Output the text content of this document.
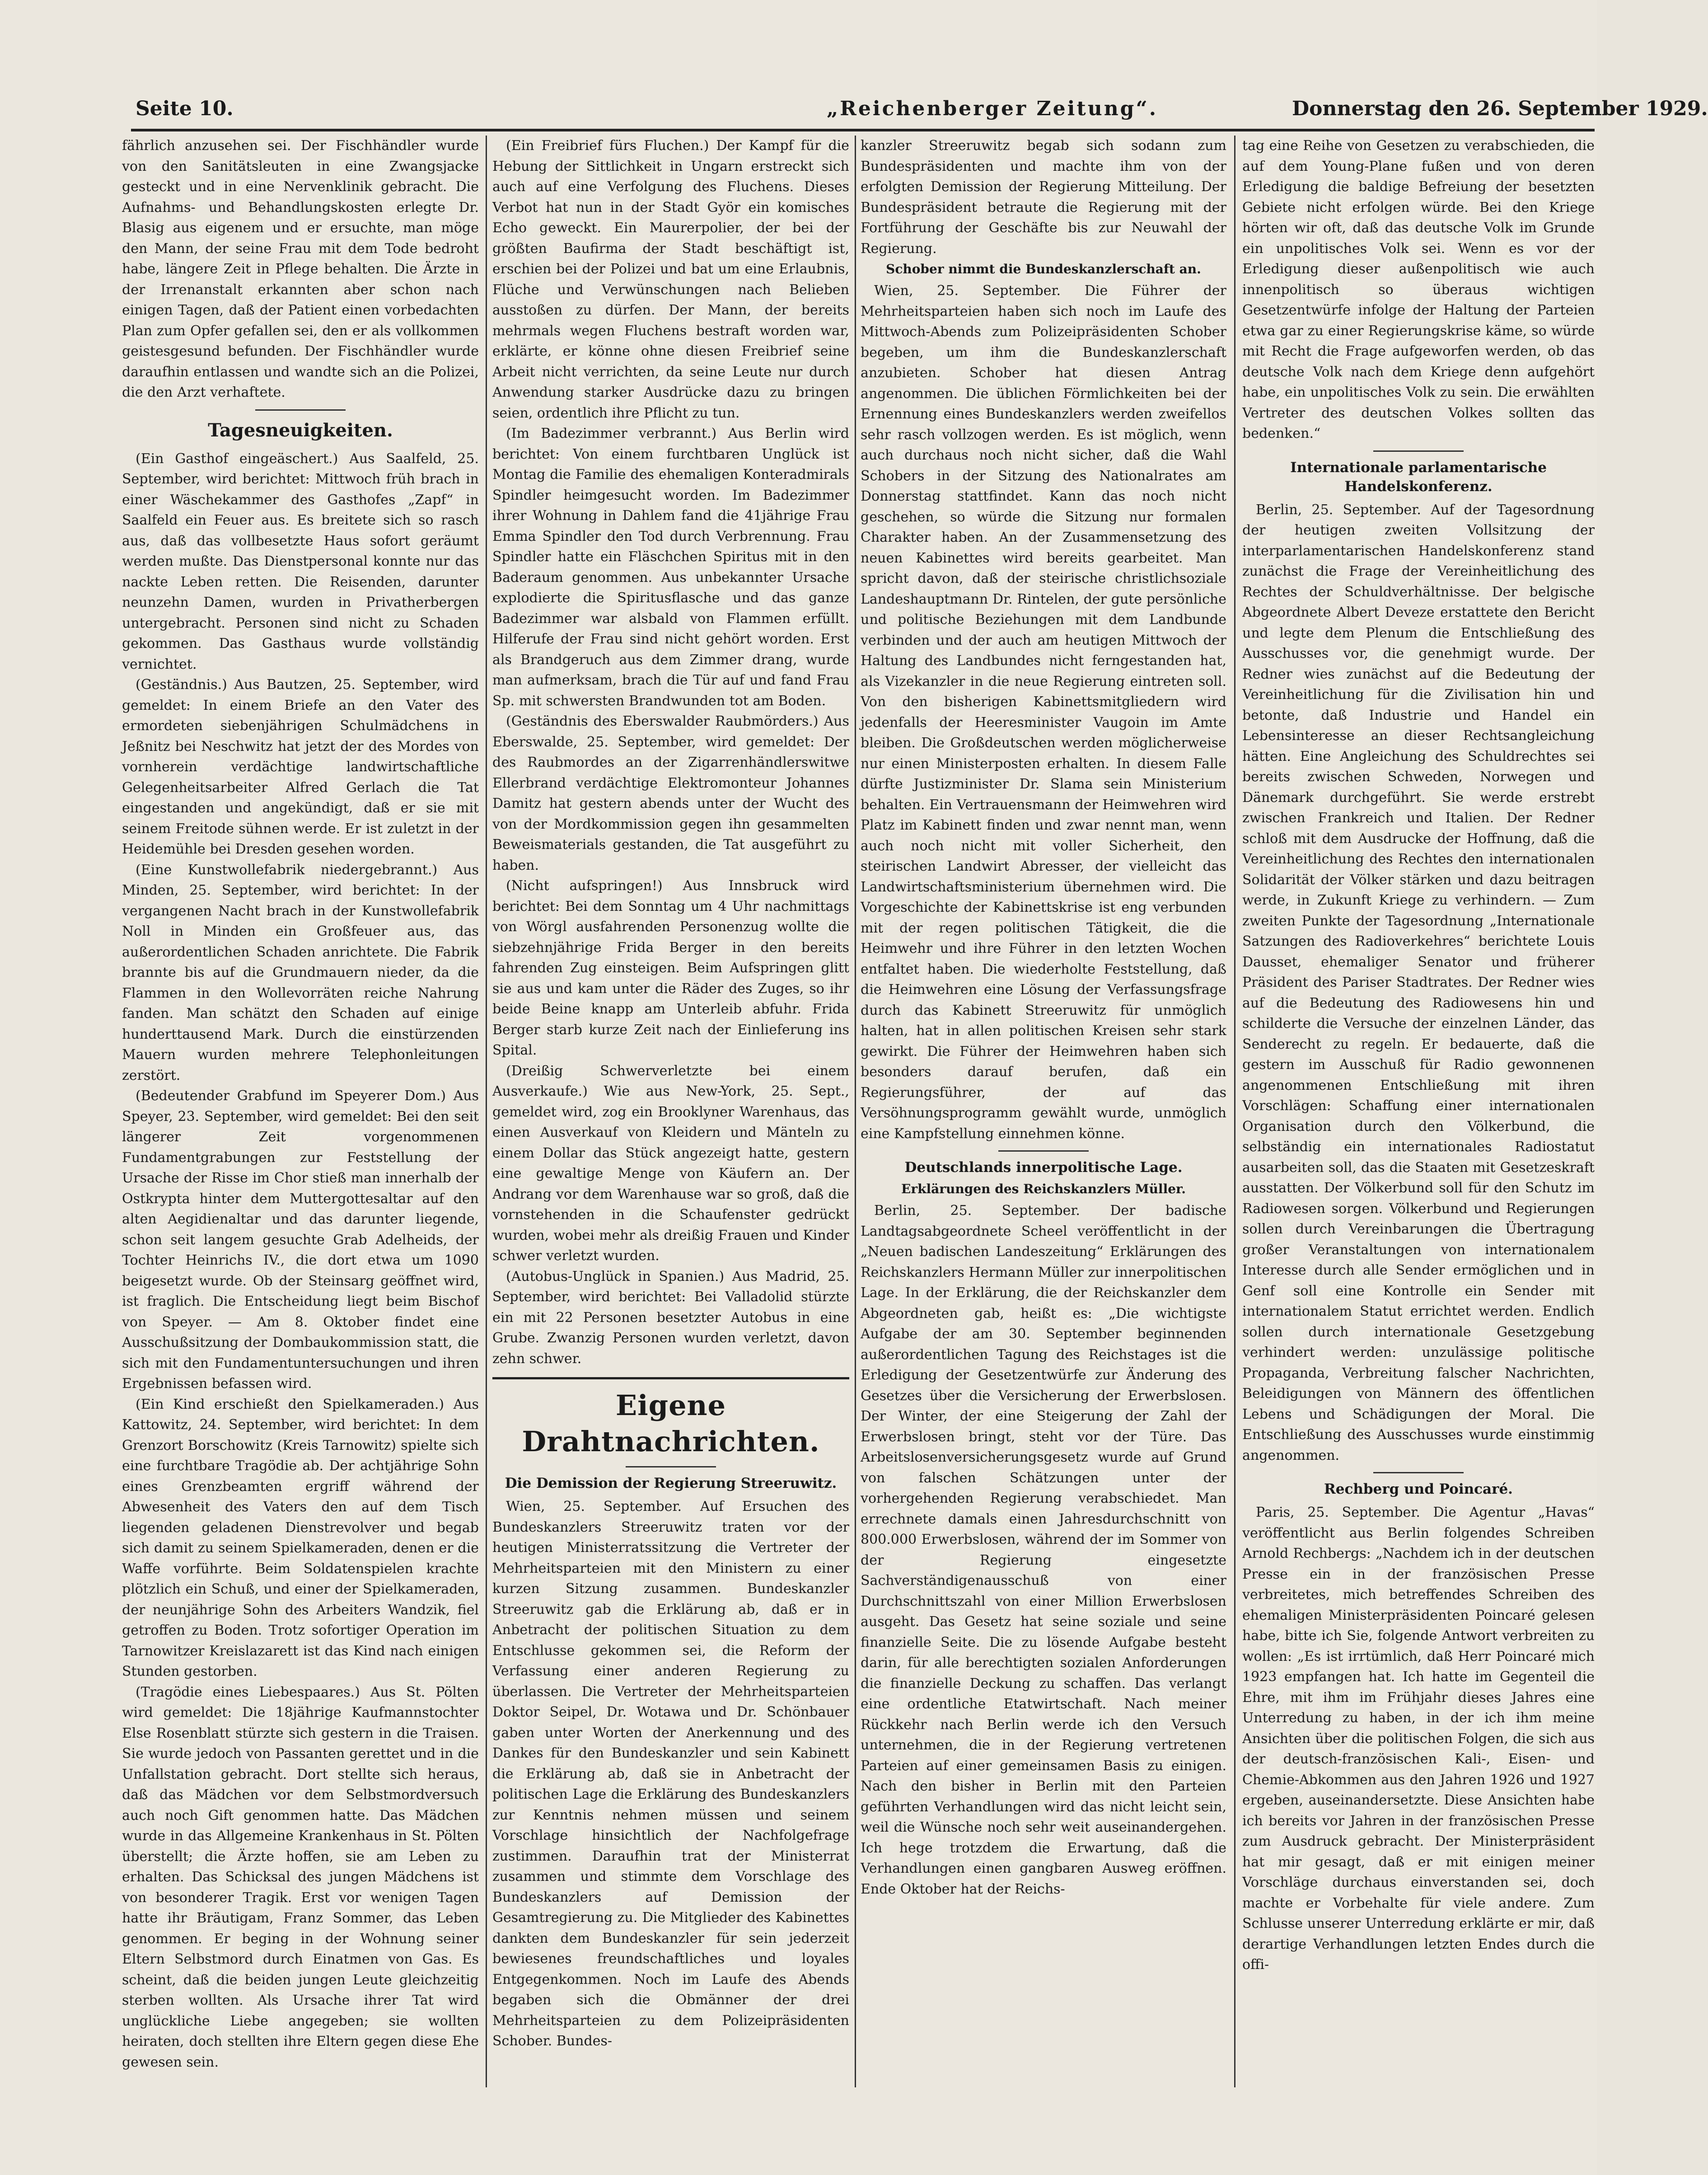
Seite 10.	„Reichenberger Zeitung“.	Donnerstag den 26. September 1929.

fährlich anzusehen sei. Der Fischhändler wurde von den Sanitätsleuten in eine Zwangsjacke gesteckt und in eine Nervenklinik gebracht. Die Aufnahms- und Behandlungskosten erlegte Dr. Blasig aus eigenem und er ersuchte, man möge den Mann, der seine Frau mit dem Tode bedroht habe, längere Zeit in Pflege behalten. Die Ärzte in der Irrenanstalt erkannten aber schon nach einigen Tagen, daß der Patient einen vorbedachten Plan zum Opfer gefallen sei, den er als vollkommen geistesgesund befunden. Der Fischhändler wurde daraufhin entlassen und wandte sich an die Polizei, die den Arzt verhaftete.

Tagesneuigkeiten.

(Ein Gasthof eingeäschert.) Aus Saalfeld, 25. September, wird berichtet: Mittwoch früh brach in einer Wäschekammer des Gasthofes „Zapf“ in Saalfeld ein Feuer aus. Es breitete sich so rasch aus, daß das vollbesetzte Haus sofort geräumt werden mußte. Das Dienstpersonal konnte nur das nackte Leben retten. Die Reisenden, darunter neunzehn Damen, wurden in Privatherbergen untergebracht. Personen sind nicht zu Schaden gekommen. Das Gasthaus wurde vollständig vernichtet.

(Geständnis.) Aus Bautzen, 25. September, wird gemeldet: In einem Briefe an den Vater des ermordeten siebenjährigen Schulmädchens in Jeßnitz bei Neschwitz hat jetzt der des Mordes von vornherein verdächtige landwirtschaftliche Gelegenheitsarbeiter Alfred Gerlach die Tat eingestanden und angekündigt, daß er sie mit seinem Freitode sühnen werde. Er ist zuletzt in der Heidemühle bei Dresden gesehen worden.

(Eine Kunstwollefabrik niedergebrannt.) Aus Minden, 25. September, wird berichtet: In der vergangenen Nacht brach in der Kunstwollefabrik Noll in Minden ein Großfeuer aus, das außerordentlichen Schaden anrichtete. Die Fabrik brannte bis auf die Grundmauern nieder, da die Flammen in den Wollevorräten reiche Nahrung fanden. Man schätzt den Schaden auf einige hunderttausend Mark. Durch die einstürzenden Mauern wurden mehrere Telephonleitungen zerstört.

(Bedeutender Grabfund im Speyerer Dom.) Aus Speyer, 23. September, wird gemeldet: Bei den seit längerer Zeit vorgenommenen Fundamentgrabungen zur Feststellung der Ursache der Risse im Chor stieß man innerhalb der Ostkrypta hinter dem Muttergottesaltar auf den alten Aegidienaltar und das darunter liegende, schon seit langem gesuchte Grab Adelheids, der Tochter Heinrichs IV., die dort etwa um 1090 beigesetzt wurde. Ob der Steinsarg geöffnet wird, ist fraglich. Die Entscheidung liegt beim Bischof von Speyer. — Am 8. Oktober findet eine Ausschußsitzung der Dombaukommission statt, die sich mit den Fundamentuntersuchungen und ihren Ergebnissen befassen wird.

(Ein Kind erschießt den Spielkameraden.) Aus Kattowitz, 24. September, wird berichtet: In dem Grenzort Borschowitz (Kreis Tarnowitz) spielte sich eine furchtbare Tragödie ab. Der achtjährige Sohn eines Grenzbeamten ergriff während der Abwesenheit des Vaters den auf dem Tisch liegenden geladenen Dienstrevolver und begab sich damit zu seinem Spielkameraden, denen er die Waffe vorführte. Beim Soldatenspielen krachte plötzlich ein Schuß, und einer der Spielkameraden, der neunjährige Sohn des Arbeiters Wandzik, fiel getroffen zu Boden. Trotz sofortiger Operation im Tarnowitzer Kreislazarett ist das Kind nach einigen Stunden gestorben.

(Tragödie eines Liebespaares.) Aus St. Pölten wird gemeldet: Die 18jährige Kaufmannstochter Else Rosenblatt stürzte sich gestern in die Traisen. Sie wurde jedoch von Passanten gerettet und in die Unfallstation gebracht. Dort stellte sich heraus, daß das Mädchen vor dem Selbstmordversuch auch noch Gift genommen hatte. Das Mädchen wurde in das Allgemeine Krankenhaus in St. Pölten überstellt; die Ärzte hoffen, sie am Leben zu erhalten. Das Schicksal des jungen Mädchens ist von besonderer Tragik. Erst vor wenigen Tagen hatte ihr Bräutigam, Franz Sommer, das Leben genommen. Er beging in der Wohnung seiner Eltern Selbstmord durch Einatmen von Gas. Es scheint, daß die beiden jungen Leute gleichzeitig sterben wollten. Als Ursache ihrer Tat wird unglückliche Liebe angegeben; sie wollten heiraten, doch stellten ihre Eltern gegen diese Ehe gewesen sein.

(Ein Freibrief fürs Fluchen.) Der Kampf für die Hebung der Sittlichkeit in Ungarn erstreckt sich auch auf eine Verfolgung des Fluchens. Dieses Verbot hat nun in der Stadt Györ ein komisches Echo geweckt. Ein Maurerpolier, der bei der größten Baufirma der Stadt beschäftigt ist, erschien bei der Polizei und bat um eine Erlaubnis, Flüche und Verwünschungen nach Belieben ausstoßen zu dürfen. Der Mann, der bereits mehrmals wegen Fluchens bestraft worden war, erklärte, er könne ohne diesen Freibrief seine Arbeit nicht verrichten, da seine Leute nur durch Anwendung starker Ausdrücke dazu zu bringen seien, ordentlich ihre Pflicht zu tun.

(Im Badezimmer verbrannt.) Aus Berlin wird berichtet: Von einem furchtbaren Unglück ist Montag die Familie des ehemaligen Konteradmirals Spindler heimgesucht worden. Im Badezimmer ihrer Wohnung in Dahlem fand die 41jährige Frau Emma Spindler den Tod durch Verbrennung. Frau Spindler hatte ein Fläschchen Spiritus mit in den Baderaum genommen. Aus unbekannter Ursache explodierte die Spiritusflasche und das ganze Badezimmer war alsbald von Flammen erfüllt. Hilferufe der Frau sind nicht gehört worden. Erst als Brandgeruch aus dem Zimmer drang, wurde man aufmerksam, brach die Tür auf und fand Frau Sp. mit schwersten Brandwunden tot am Boden.

(Geständnis des Eberswalder Raubmörders.) Aus Eberswalde, 25. September, wird gemeldet: Der des Raubmordes an der Zigarrenhändlerswitwe Ellerbrand verdächtige Elektromonteur Johannes Damitz hat gestern abends unter der Wucht des von der Mordkommission gegen ihn gesammelten Beweismaterials gestanden, die Tat ausgeführt zu haben.

(Nicht aufspringen!) Aus Innsbruck wird berichtet: Bei dem Sonntag um 4 Uhr nachmittags von Wörgl ausfahrenden Personenzug wollte die siebzehnjährige Frida Berger in den bereits fahrenden Zug einsteigen. Beim Aufspringen glitt sie aus und kam unter die Räder des Zuges, so ihr beide Beine knapp am Unterleib abfuhr. Frida Berger starb kurze Zeit nach der Einlieferung ins Spital.

(Dreißig Schwerverletzte bei einem Ausverkaufe.) Wie aus New-York, 25. Sept., gemeldet wird, zog ein Brooklyner Warenhaus, das einen Ausverkauf von Kleidern und Mänteln zu einem Dollar das Stück angezeigt hatte, gestern eine gewaltige Menge von Käufern an. Der Andrang vor dem Warenhause war so groß, daß die vornstehenden in die Schaufenster gedrückt wurden, wobei mehr als dreißig Frauen und Kinder schwer verletzt wurden.

(Autobus-Unglück in Spanien.) Aus Madrid, 25. September, wird berichtet: Bei Valladolid stürzte ein mit 22 Personen besetzter Autobus in eine Grube. Zwanzig Personen wurden verletzt, davon zehn schwer.

Eigene Drahtnachrichten.
Die Demission der Regierung Streeruwitz.

Wien, 25. September. Auf Ersuchen des Bundeskanzlers Streeruwitz traten vor der heutigen Ministerratssitzung die Vertreter der Mehrheitsparteien mit den Ministern zu einer kurzen Sitzung zusammen. Bundeskanzler Streeruwitz gab die Erklärung ab, daß er in Anbetracht der politischen Situation zu dem Entschlusse gekommen sei, die Reform der Verfassung einer anderen Regierung zu überlassen. Die Vertreter der Mehrheitsparteien Doktor Seipel, Dr. Wotawa und Dr. Schönbauer gaben unter Worten der Anerkennung und des Dankes für den Bundeskanzler und sein Kabinett die Erklärung ab, daß sie in Anbetracht der politischen Lage die Erklärung des Bundeskanzlers zur Kenntnis nehmen müssen und seinem Vorschlage hinsichtlich der Nachfolgefrage zustimmen. Daraufhin trat der Ministerrat zusammen und stimmte dem Vorschlage des Bundeskanzlers auf Demission der Gesamtregierung zu. Die Mitglieder des Kabinettes dankten dem Bundeskanzler für sein jederzeit bewiesenes freundschaftliches und loyales Entgegenkommen. Noch im Laufe des Abends begaben sich die Obmänner der drei Mehrheitsparteien zu dem Polizeipräsidenten Schober. Bundes-

kanzler Streeruwitz begab sich sodann zum Bundespräsidenten und machte ihm von der erfolgten Demission der Regierung Mitteilung. Der Bundespräsident betraute die Regierung mit der Fortführung der Geschäfte bis zur Neuwahl der Regierung.

Schober nimmt die Bundeskanzlerschaft an.

Wien, 25. September. Die Führer der Mehrheitsparteien haben sich noch im Laufe des Mittwoch-Abends zum Polizeipräsidenten Schober begeben, um ihm die Bundeskanzlerschaft anzubieten. Schober hat diesen Antrag angenommen. Die üblichen Förmlichkeiten bei der Ernennung eines Bundeskanzlers werden zweifellos sehr rasch vollzogen werden. Es ist möglich, wenn auch durchaus noch nicht sicher, daß die Wahl Schobers in der Sitzung des Nationalrates am Donnerstag stattfindet. Kann das noch nicht geschehen, so würde die Sitzung nur formalen Charakter haben. An der Zusammensetzung des neuen Kabinettes wird bereits gearbeitet. Man spricht davon, daß der steirische christlichsoziale Landeshauptmann Dr. Rintelen, der gute persönliche und politische Beziehungen mit dem Landbunde verbinden und der auch am heutigen Mittwoch der Haltung des Landbundes nicht ferngestanden hat, als Vizekanzler in die neue Regierung eintreten soll. Von den bisherigen Kabinettsmitgliedern wird jedenfalls der Heeresminister Vaugoin im Amte bleiben. Die Großdeutschen werden möglicherweise nur einen Ministerposten erhalten. In diesem Falle dürfte Justizminister Dr. Slama sein Ministerium behalten. Ein Vertrauensmann der Heimwehren wird Platz im Kabinett finden und zwar nennt man, wenn auch noch nicht mit voller Sicherheit, den steirischen Landwirt Abresser, der vielleicht das Landwirtschaftsministerium übernehmen wird. Die Vorgeschichte der Kabinettskrise ist eng verbunden mit der regen politischen Tätigkeit, die die Heimwehr und ihre Führer in den letzten Wochen entfaltet haben. Die wiederholte Feststellung, daß die Heimwehren eine Lösung der Verfassungsfrage durch das Kabinett Streeruwitz für unmöglich halten, hat in allen politischen Kreisen sehr stark gewirkt. Die Führer der Heimwehren haben sich besonders darauf berufen, daß ein Regierungsführer, der auf das Versöhnungsprogramm gewählt wurde, unmöglich eine Kampfstellung einnehmen könne.

Deutschlands innerpolitische Lage.
Erklärungen des Reichskanzlers Müller.

Berlin, 25. September. Der badische Landtagsabgeordnete Scheel veröffentlicht in der „Neuen badischen Landeszeitung“ Erklärungen des Reichskanzlers Hermann Müller zur innerpolitischen Lage. In der Erklärung, die der Reichskanzler dem Abgeordneten gab, heißt es: „Die wichtigste Aufgabe der am 30. September beginnenden außerordentlichen Tagung des Reichstages ist die Erledigung der Gesetzentwürfe zur Änderung des Gesetzes über die Versicherung der Erwerbslosen. Der Winter, der eine Steigerung der Zahl der Erwerbslosen bringt, steht vor der Türe. Das Arbeitslosenversicherungsgesetz wurde auf Grund von falschen Schätzungen unter der vorhergehenden Regierung verabschiedet. Man errechnete damals einen Jahresdurchschnitt von 800.000 Erwerbslosen, während der im Sommer von der Regierung eingesetzte Sachverständigenausschuß von einer Durchschnittszahl von einer Million Erwerbslosen ausgeht. Das Gesetz hat seine soziale und seine finanzielle Seite. Die zu lösende Aufgabe besteht darin, für alle berechtigten sozialen Anforderungen die finanzielle Deckung zu schaffen. Das verlangt eine ordentliche Etatwirtschaft. Nach meiner Rückkehr nach Berlin werde ich den Versuch unternehmen, die in der Regierung vertretenen Parteien auf einer gemeinsamen Basis zu einigen. Nach den bisher in Berlin mit den Parteien geführten Verhandlungen wird das nicht leicht sein, weil die Wünsche noch sehr weit auseinandergehen. Ich hege trotzdem die Erwartung, daß die Verhandlungen einen gangbaren Ausweg eröffnen. Ende Oktober hat der Reichs-

tag eine Reihe von Gesetzen zu verabschieden, die auf dem Young-Plane fußen und von deren Erledigung die baldige Befreiung der besetzten Gebiete nicht erfolgen würde. Bei den Kriege hörten wir oft, daß das deutsche Volk im Grunde ein unpolitisches Volk sei. Wenn es vor der Erledigung dieser außenpolitisch wie auch innenpolitisch so überaus wichtigen Gesetzentwürfe infolge der Haltung der Parteien etwa gar zu einer Regierungskrise käme, so würde mit Recht die Frage aufgeworfen werden, ob das deutsche Volk nach dem Kriege denn aufgehört habe, ein unpolitisches Volk zu sein. Die erwählten Vertreter des deutschen Volkes sollten das bedenken.“

Internationale parlamentarische Handelskonferenz.

Berlin, 25. September. Auf der Tagesordnung der heutigen zweiten Vollsitzung der interparlamentarischen Handelskonferenz stand zunächst die Frage der Vereinheitlichung des Rechtes der Schuldverhältnisse. Der belgische Abgeordnete Albert Deveze erstattete den Bericht und legte dem Plenum die Entschließung des Ausschusses vor, die genehmigt wurde. Der Redner wies zunächst auf die Bedeutung der Vereinheitlichung für die Zivilisation hin und betonte, daß Industrie und Handel ein Lebensinteresse an dieser Rechtsangleichung hätten. Eine Angleichung des Schuldrechtes sei bereits zwischen Schweden, Norwegen und Dänemark durchgeführt. Sie werde erstrebt zwischen Frankreich und Italien. Der Redner schloß mit dem Ausdrucke der Hoffnung, daß die Vereinheitlichung des Rechtes den internationalen Solidarität der Völker stärken und dazu beitragen werde, in Zukunft Kriege zu verhindern. — Zum zweiten Punkte der Tagesordnung „Internationale Satzungen des Radioverkehres“ berichtete Louis Dausset, ehemaliger Senator und früherer Präsident des Pariser Stadtrates. Der Redner wies auf die Bedeutung des Radiowesens hin und schilderte die Versuche der einzelnen Länder, das Senderecht zu regeln. Er bedauerte, daß die gestern im Ausschuß für Radio gewonnenen angenommenen Entschließung mit ihren Vorschlägen: Schaffung einer internationalen Organisation durch den Völkerbund, die selbständig ein internationales Radiostatut ausarbeiten soll, das die Staaten mit Gesetzeskraft ausstatten. Der Völkerbund soll für den Schutz im Radiowesen sorgen. Völkerbund und Regierungen sollen durch Vereinbarungen die Übertragung großer Veranstaltungen von internationalem Interesse durch alle Sender ermöglichen und in Genf soll eine Kontrolle ein Sender mit internationalem Statut errichtet werden. Endlich sollen durch internationale Gesetzgebung verhindert werden: unzulässige politische Propaganda, Verbreitung falscher Nachrichten, Beleidigungen von Männern des öffentlichen Lebens und Schädigungen der Moral. Die Entschließung des Ausschusses wurde einstimmig angenommen.

Rechberg und Poincaré.

Paris, 25. September. Die Agentur „Havas“ veröffentlicht aus Berlin folgendes Schreiben Arnold Rechbergs: „Nachdem ich in der deutschen Presse ein in der französischen Presse verbreitetes, mich betreffendes Schreiben des ehemaligen Ministerpräsidenten Poincaré gelesen habe, bitte ich Sie, folgende Antwort verbreiten zu wollen: „Es ist irrtümlich, daß Herr Poincaré mich 1923 empfangen hat. Ich hatte im Gegenteil die Ehre, mit ihm im Frühjahr dieses Jahres eine Unterredung zu haben, in der ich ihm meine Ansichten über die politischen Folgen, die sich aus der deutsch-französischen Kali-, Eisen- und Chemie-Abkommen aus den Jahren 1926 und 1927 ergeben, auseinandersetzte. Diese Ansichten habe ich bereits vor Jahren in der französischen Presse zum Ausdruck gebracht. Der Ministerpräsident hat mir gesagt, daß er mit einigen meiner Vorschläge durchaus einverstanden sei, doch machte er Vorbehalte für viele andere. Zum Schlusse unserer Unterredung erklärte er mir, daß derartige Verhandlungen letzten Endes durch die offi-
